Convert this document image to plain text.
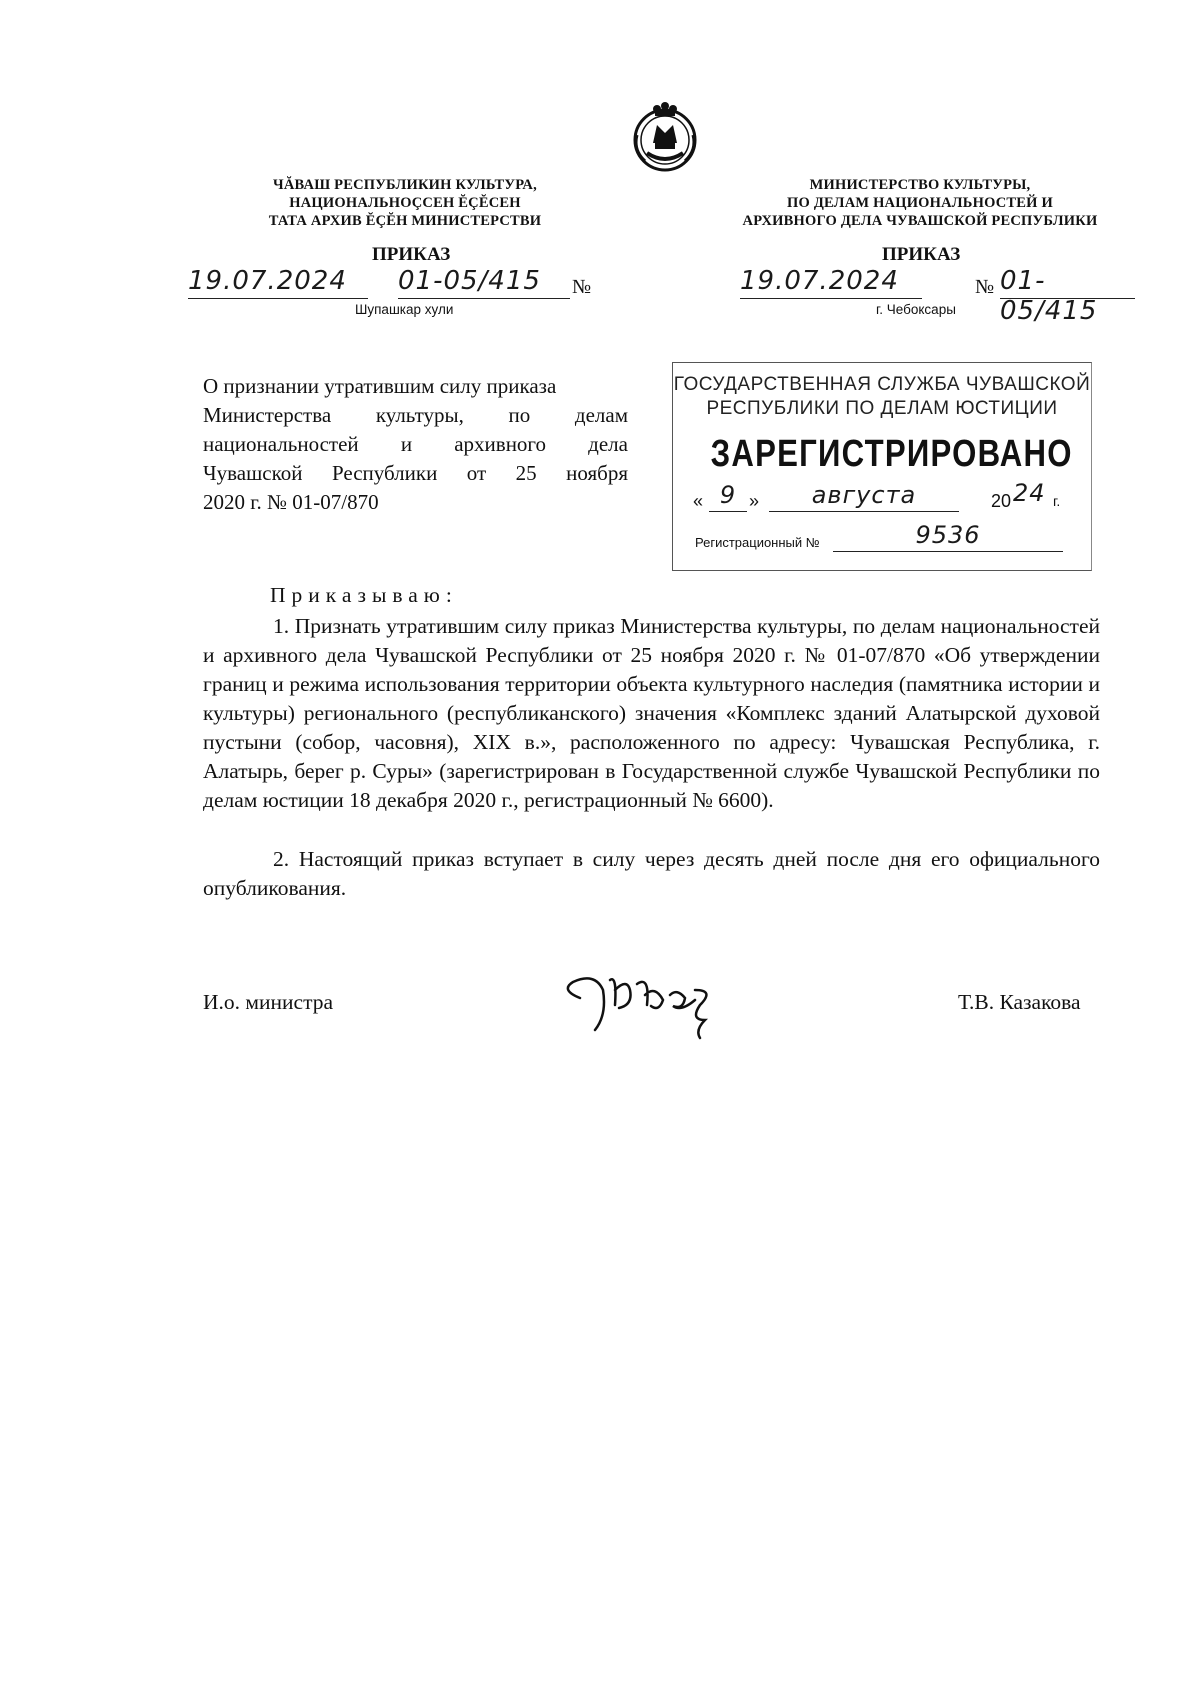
ЧĂВАШ РЕСПУБЛИКИН КУЛЬТУРА,
НАЦИОНАЛЬНОÇСЕН ĔÇĔСЕН
ТАТА АРХИВ ĔÇĔН МИНИСТЕРСТВИ
МИНИСТЕРСТВО КУЛЬТУРЫ,
ПО ДЕЛАМ НАЦИОНАЛЬНОСТЕЙ И
АРХИВНОГО ДЕЛА ЧУВАШСКОЙ РЕСПУБЛИКИ
ПРИКАЗ
19.07.2024	01-05/415	№
Шупашкар хули
ПРИКАЗ
19.07.2024	№ 01-05/415
г. Чебоксары
О признании утратившим силу приказа
Министерства культуры, по делам
национальностей и архивного дела
Чувашской Республики от 25 ноября
2020 г. № 01-07/870
ГОСУДАРСТВЕННАЯ СЛУЖБА ЧУВАШСКОЙ
РЕСПУБЛИКИ ПО ДЕЛАМ ЮСТИЦИИ
ЗАРЕГИСТРИРОВАНО
« 9 »	августа	20 24 г.
Регистрационный №	9536
Приказываю:
1. Признать утратившим силу приказ Министерства культуры, по делам национальностей и архивного дела Чувашской Республики от 25 ноября 2020 г. № 01-07/870 «Об утверждении границ и режима использования территории объекта культурного наследия (памятника истории и культуры) регионального (республиканского) значения «Комплекс зданий Алатырской духовой пустыни (собор, часовня), XIX в.», расположенного по адресу: Чувашская Республика, г. Алатырь, берег р. Суры» (зарегистрирован в Государственной службе Чувашской Республики по делам юстиции 18 декабря 2020 г., регистрационный № 6600).
2. Настоящий приказ вступает в силу через десять дней после дня его официального опубликования.
И.о. министра	Т.В. Казакова
